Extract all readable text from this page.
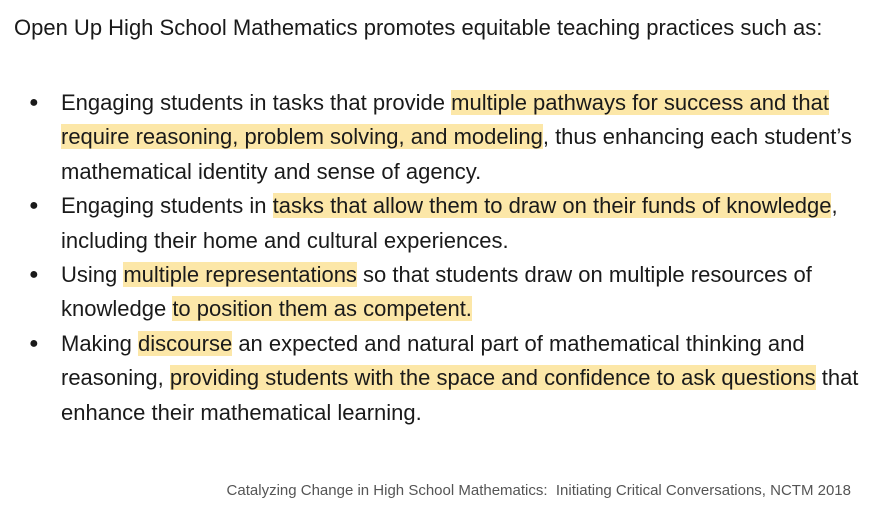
Open Up High School Mathematics promotes equitable teaching practices such as:

● Engaging students in tasks that provide multiple pathways for success and that require reasoning, problem solving, and modeling, thus enhancing each student’s mathematical identity and sense of agency.
● Engaging students in tasks that allow them to draw on their funds of knowledge, including their home and cultural experiences.
● Using multiple representations so that students draw on multiple resources of knowledge to position them as competent.
● Making discourse an expected and natural part of mathematical thinking and reasoning, providing students with the space and confidence to ask questions that enhance their mathematical learning.
Catalyzing Change in High School Mathematics:  Initiating Critical Conversations, NCTM 2018
